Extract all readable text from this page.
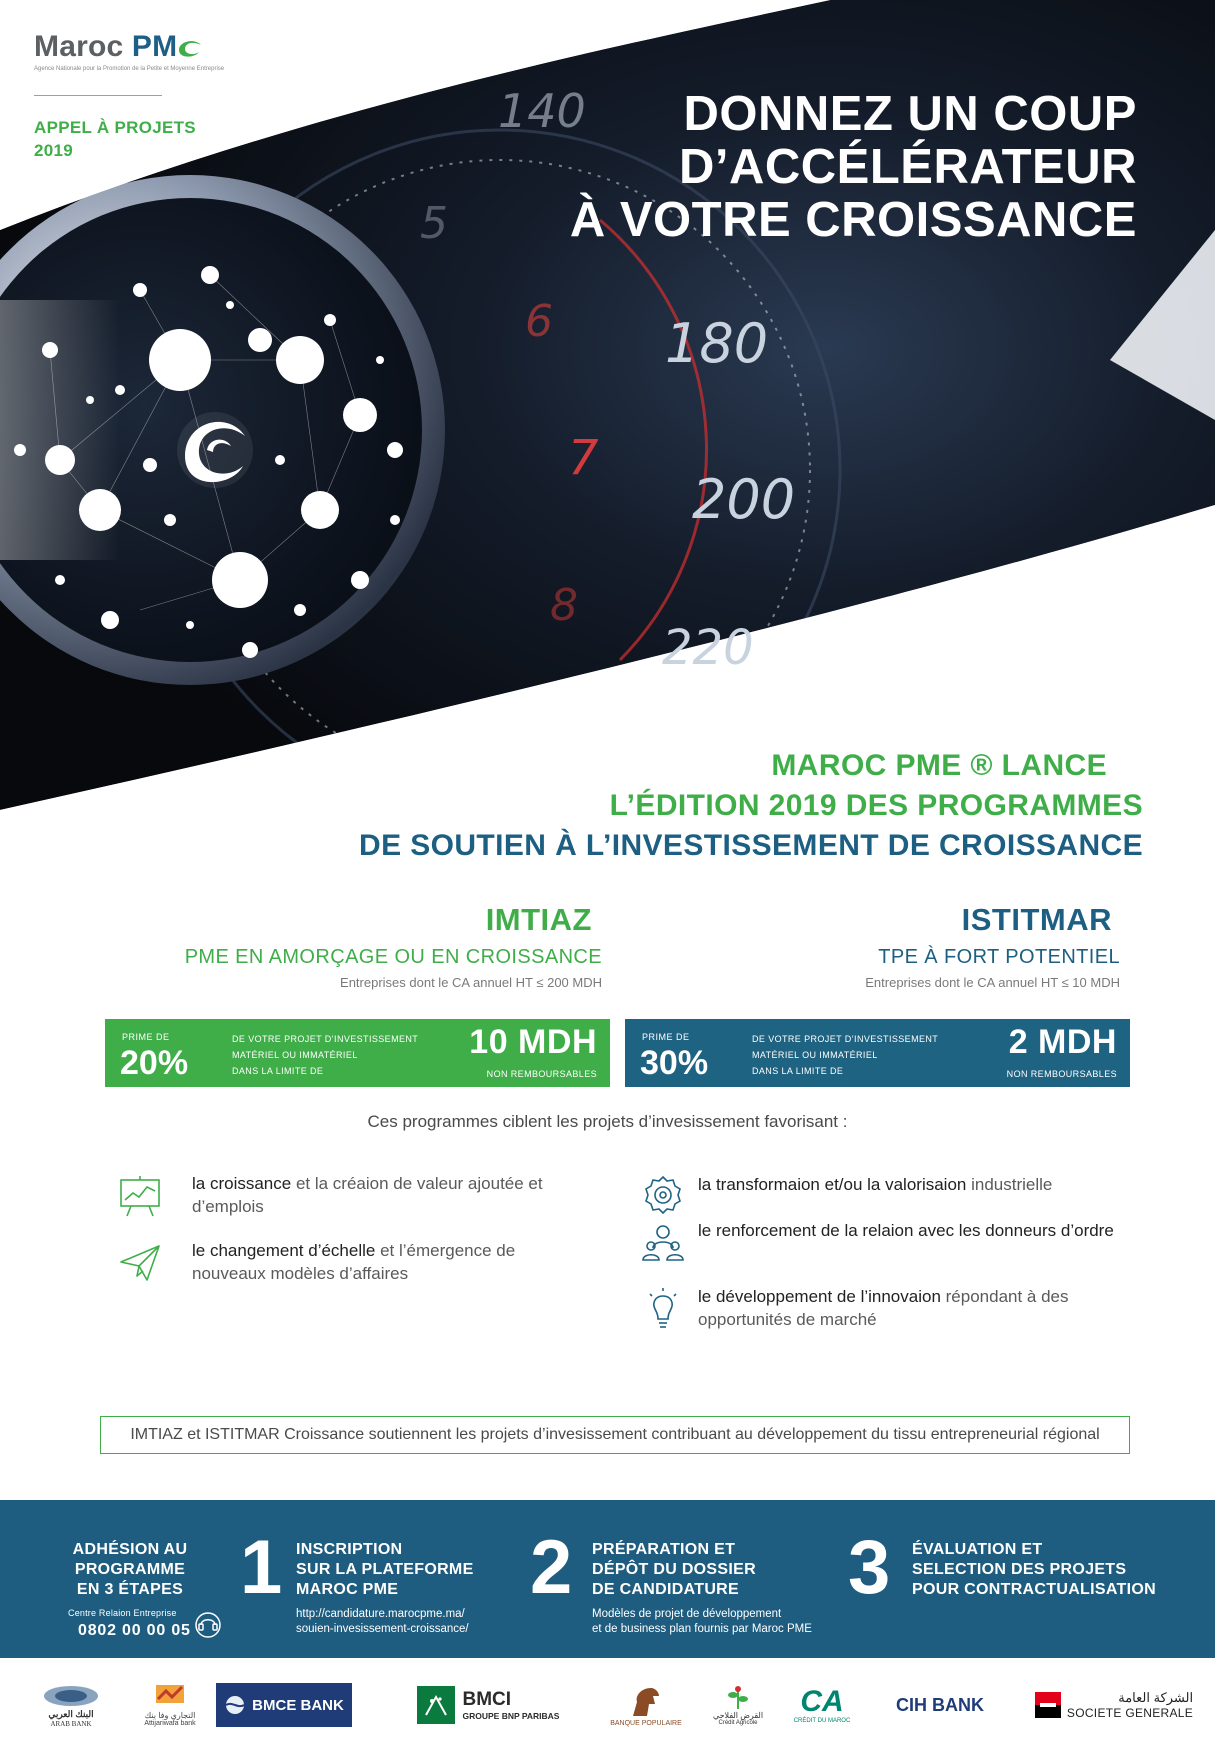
140
180
200
220
5
6
7
8
Maroc PM
Agence Nationale pour la Promotion de la Petite et Moyenne Entreprise
APPEL À PROJETS
2019
DONNEZ UN COUP
D’ACCÉLÉRATEUR
À VOTRE CROISSANCE
MAROC PME ® LANCE
L’ÉDITION 2019 DES PROGRAMMES
DE SOUTIEN À L’INVESTISSEMENT DE CROISSANCE
IMTIAZ
PME EN AMORÇAGE OU EN CROISSANCE
Entreprises dont le CA annuel HT ≤ 200 MDH
ISTITMAR
TPE À FORT POTENTIEL
Entreprises dont le CA annuel HT ≤ 10 MDH
PRIME DE
20%
DE VOTRE PROJET D’INVESTISSEMENT
MATÉRIEL OU IMMATÉRIEL
DANS LA LIMITE DE
10 MDH
NON REMBOURSABLES
PRIME DE
30%
DE VOTRE PROJET D’INVESTISSEMENT
MATÉRIEL OU IMMATÉRIEL
DANS LA LIMITE DE
2 MDH
NON REMBOURSABLES
Ces programmes ciblent les projets d’invesissement favorisant :
la croissance et la créaion de valeur ajoutée et d’emplois
le changement d’échelle et l’émergence de nouveaux modèles d’affaires
la transformaion et/ou la valorisaion industrielle
le renforcement de la relaion avec les donneurs d’ordre
le développement de l’innovaion répondant à des opportunités de marché
IMTIAZ et ISTITMAR Croissance soutiennent les projets d’invesissement contribuant au développement du tissu entrepreneurial régional
ADHÉSION AU
PROGRAMME
EN 3 ÉTAPES
Centre Relaion Entreprise
0802 00 00 05
1 INSCRIPTION
SUR LA PLATEFORME
MAROC PME
http://candidature.marocpme.ma/
souien-invesissement-croissance/
2 PRÉPARATION ET
DÉPÔT DU DOSSIER
DE CANDIDATURE
Modèles de projet de développement
et de business plan fournis par Maroc PME
3 ÉVALUATION ET
SELECTION DES PROJETS
POUR CONTRACTUALISATION
البنك العربي
ARAB BANK
التجاري وفا بنك
Attijariwafa bank
BMCE BANK	BMCI
GROUPE BNP PARIBAS
BANQUE POPULAIRE
القرض الفلاحي
Crédit Agricole
CA
CRÉDIT DU MAROC
CIH BANK	الشركة العامة
SOCIETE GENERALE
